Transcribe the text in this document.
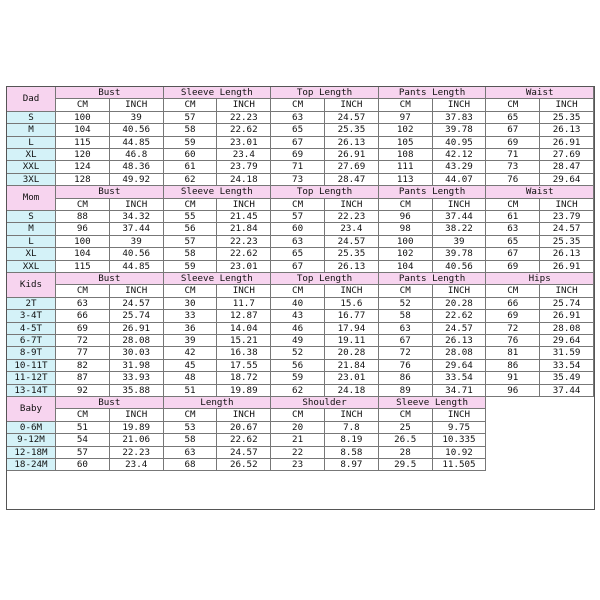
Dad
Bust	Sleeve Length	Top Length	Pants Length	Waist
CM	INCH	CM	INCH	CM	INCH	CM	INCH	CM	INCH
S	100	39	57	22.23	63	24.57	97	37.83	65	25.35
M	104	40.56	58	22.62	65	25.35	102	39.78	67	26.13
L	115	44.85	59	23.01	67	26.13	105	40.95	69	26.91
XL	120	46.8	60	23.4	69	26.91	108	42.12	71	27.69
XXL	124	48.36	61	23.79	71	27.69	111	43.29	73	28.47
3XL	128	49.92	62	24.18	73	28.47	113	44.07	76	29.64
Mom
Bust	Sleeve Length	Top Length	Pants Length	Waist
CM	INCH	CM	INCH	CM	INCH	CM	INCH	CM	INCH
S	88	34.32	55	21.45	57	22.23	96	37.44	61	23.79
M	96	37.44	56	21.84	60	23.4	98	38.22	63	24.57
L	100	39	57	22.23	63	24.57	100	39	65	25.35
XL	104	40.56	58	22.62	65	25.35	102	39.78	67	26.13
XXL	115	44.85	59	23.01	67	26.13	104	40.56	69	26.91
Kids
Bust	Sleeve Length	Top Length	Pants Length	Hips
CM	INCH	CM	INCH	CM	INCH	CM	INCH	CM	INCH
2T	63	24.57	30	11.7	40	15.6	52	20.28	66	25.74
3-4T	66	25.74	33	12.87	43	16.77	58	22.62	69	26.91
4-5T	69	26.91	36	14.04	46	17.94	63	24.57	72	28.08
6-7T	72	28.08	39	15.21	49	19.11	67	26.13	76	29.64
8-9T	77	30.03	42	16.38	52	20.28	72	28.08	81	31.59
10-11T	82	31.98	45	17.55	56	21.84	76	29.64	86	33.54
11-12T	87	33.93	48	18.72	59	23.01	86	33.54	91	35.49
13-14T	92	35.88	51	19.89	62	24.18	89	34.71	96	37.44
Baby
Bust	Length	Shoulder	Sleeve Length
CM	INCH	CM	INCH	CM	INCH	CM	INCH
0-6M	51	19.89	53	20.67	20	7.8	25	9.75
9-12M	54	21.06	58	22.62	21	8.19	26.5	10.335
12-18M	57	22.23	63	24.57	22	8.58	28	10.92
18-24M	60	23.4	68	26.52	23	8.97	29.5	11.505
